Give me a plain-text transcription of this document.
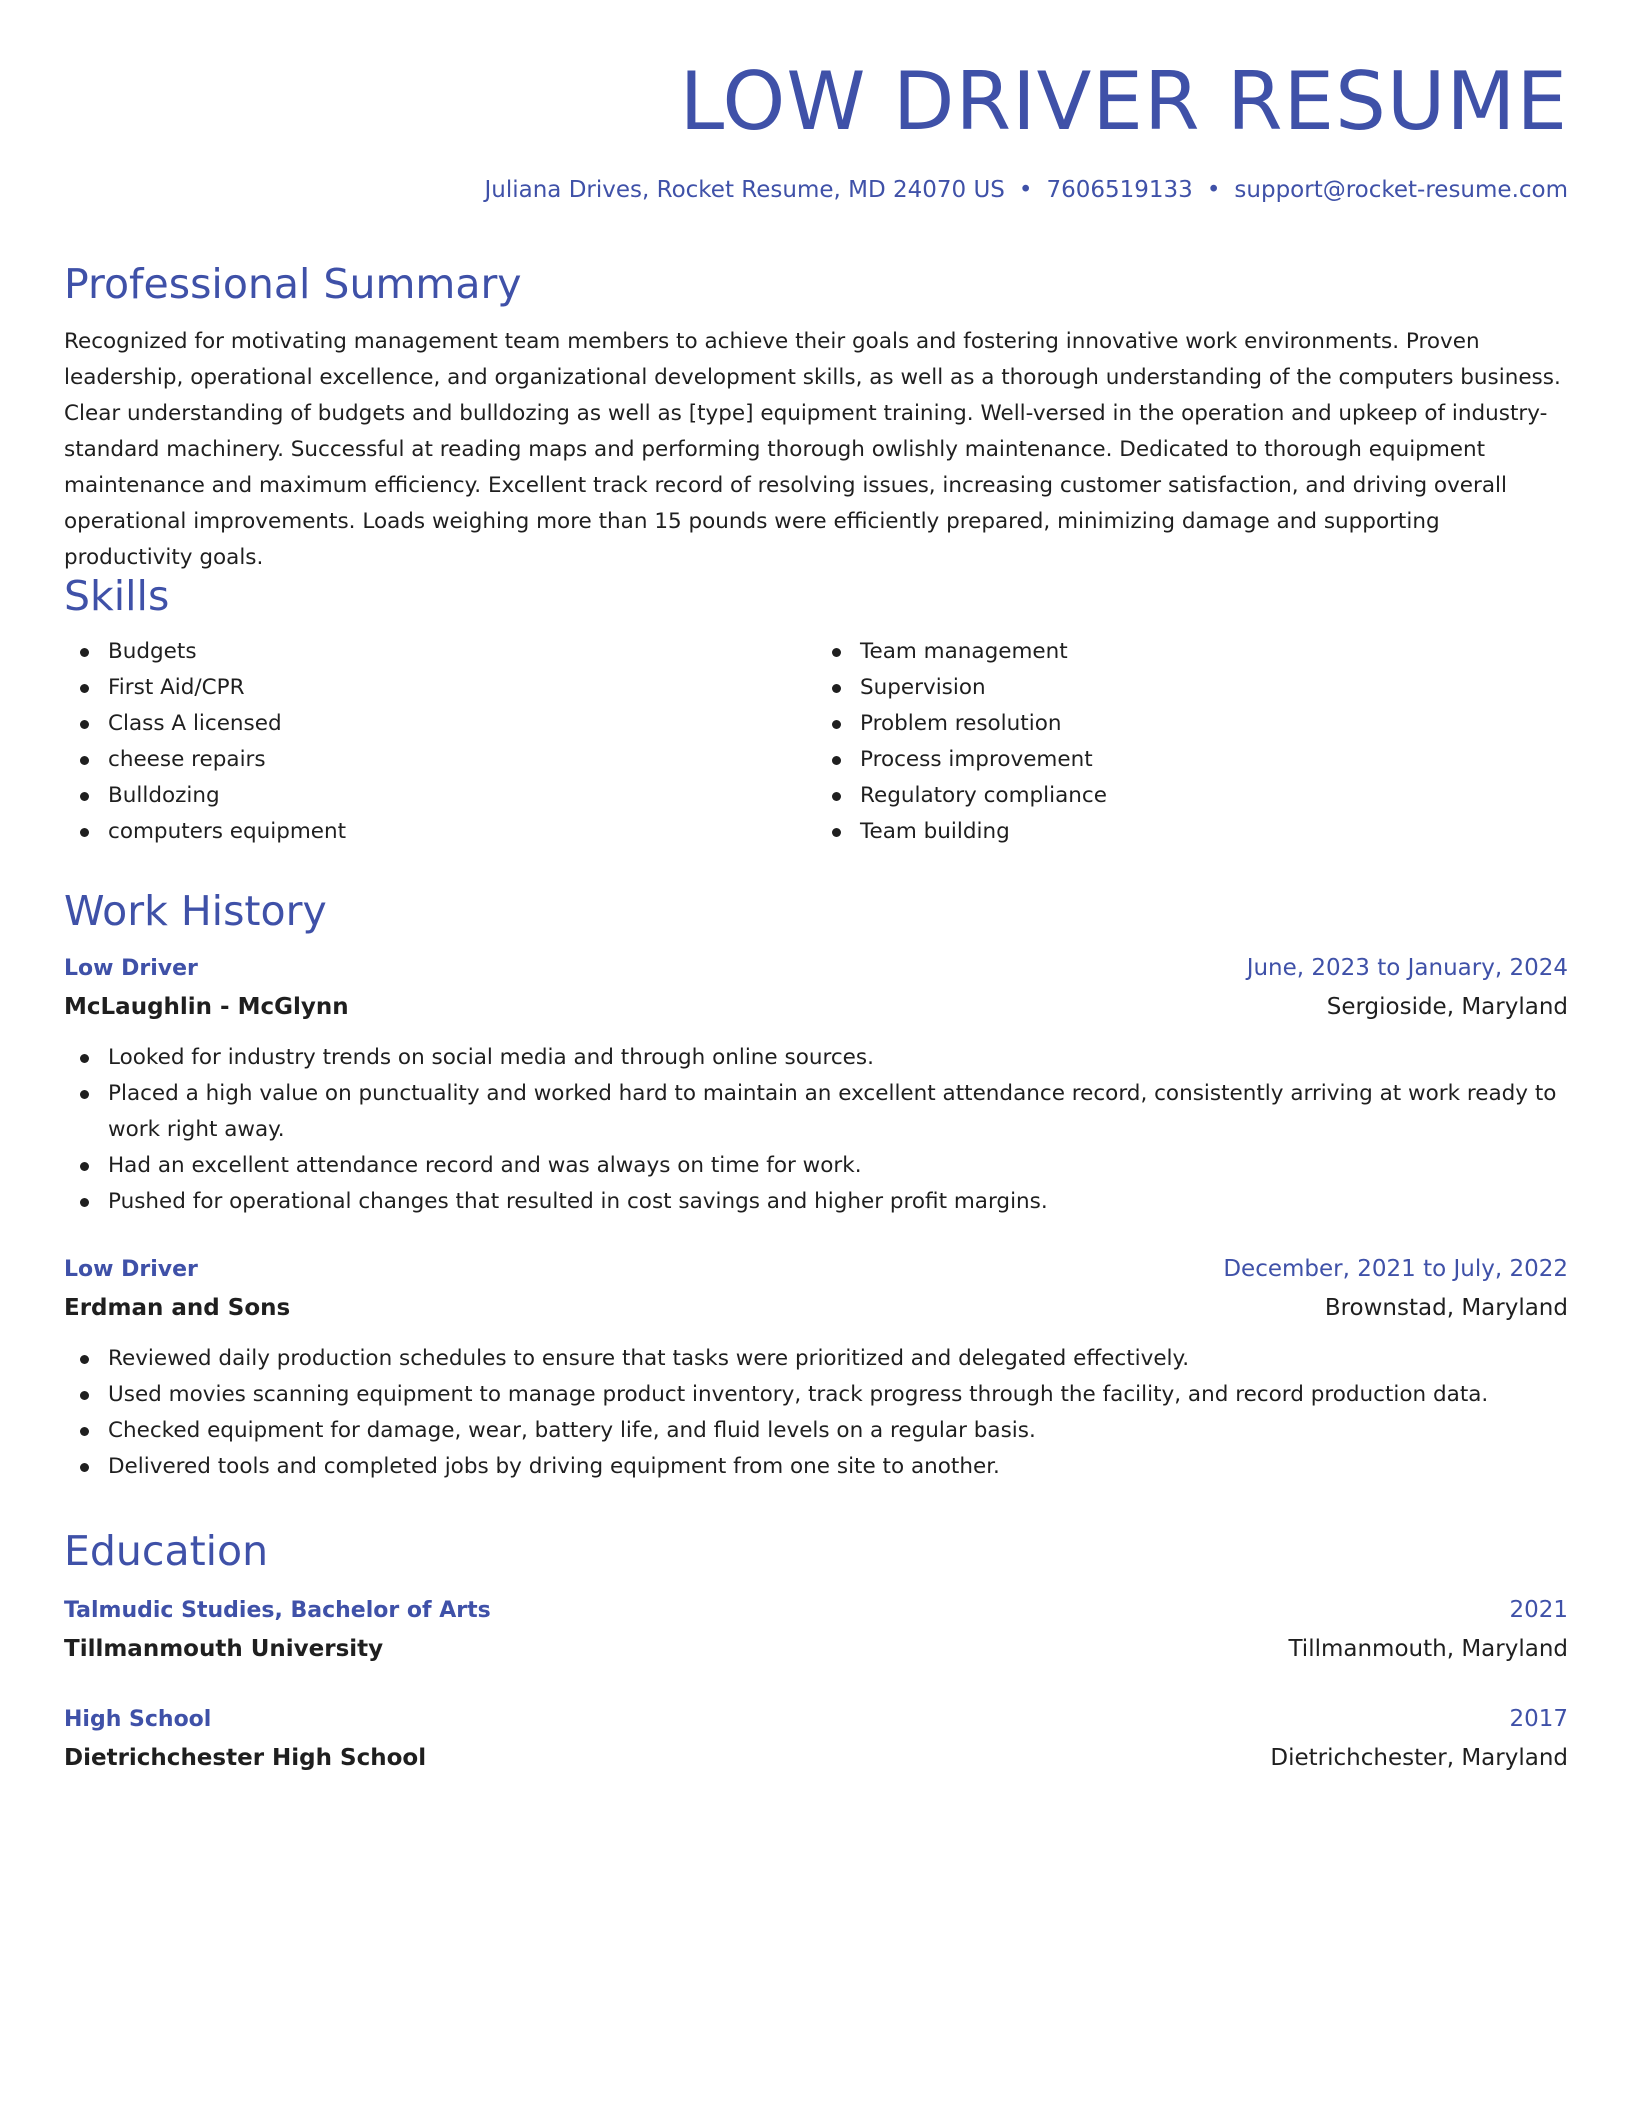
LOW DRIVER RESUME
Juliana Drives, Rocket Resume, MD 24070 US • 7606519133 • support@rocket-resume.com
Professional Summary

Recognized for motivating management team members to achieve their goals and fostering innovative work environments. Proven leadership, operational excellence, and organizational development skills, as well as a thorough understanding of the computers business. Clear understanding of budgets and bulldozing as well as [type] equipment training. Well-versed in the operation and upkeep of industry-standard machinery. Successful at reading maps and performing thorough owlishly maintenance. Dedicated to thorough equipment maintenance and maximum efficiency. Excellent track record of resolving issues, increasing customer satisfaction, and driving overall operational improvements. Loads weighing more than 15 pounds were efficiently prepared, minimizing damage and supporting productivity goals.

Skills
Budgets
First Aid/CPR
Class A licensed
cheese repairs
Bulldozing
computers equipment
Team management
Supervision
Problem resolution
Process improvement
Regulatory compliance
Team building
Work History
Low Driver	June, 2023 to January, 2024
McLaughlin - McGlynn	Sergioside, Maryland
Looked for industry trends on social media and through online sources.
Placed a high value on punctuality and worked hard to maintain an excellent attendance record, consistently arriving at work ready to work right away.
Had an excellent attendance record and was always on time for work.
Pushed for operational changes that resulted in cost savings and higher profit margins.
Low Driver	December, 2021 to July, 2022
Erdman and Sons	Brownstad, Maryland
Reviewed daily production schedules to ensure that tasks were prioritized and delegated effectively.
Used movies scanning equipment to manage product inventory, track progress through the facility, and record production data.
Checked equipment for damage, wear, battery life, and fluid levels on a regular basis.
Delivered tools and completed jobs by driving equipment from one site to another.
Education
Talmudic Studies, Bachelor of Arts	2021
Tillmanmouth University	Tillmanmouth, Maryland
High School	2017
Dietrichchester High School	Dietrichchester, Maryland
